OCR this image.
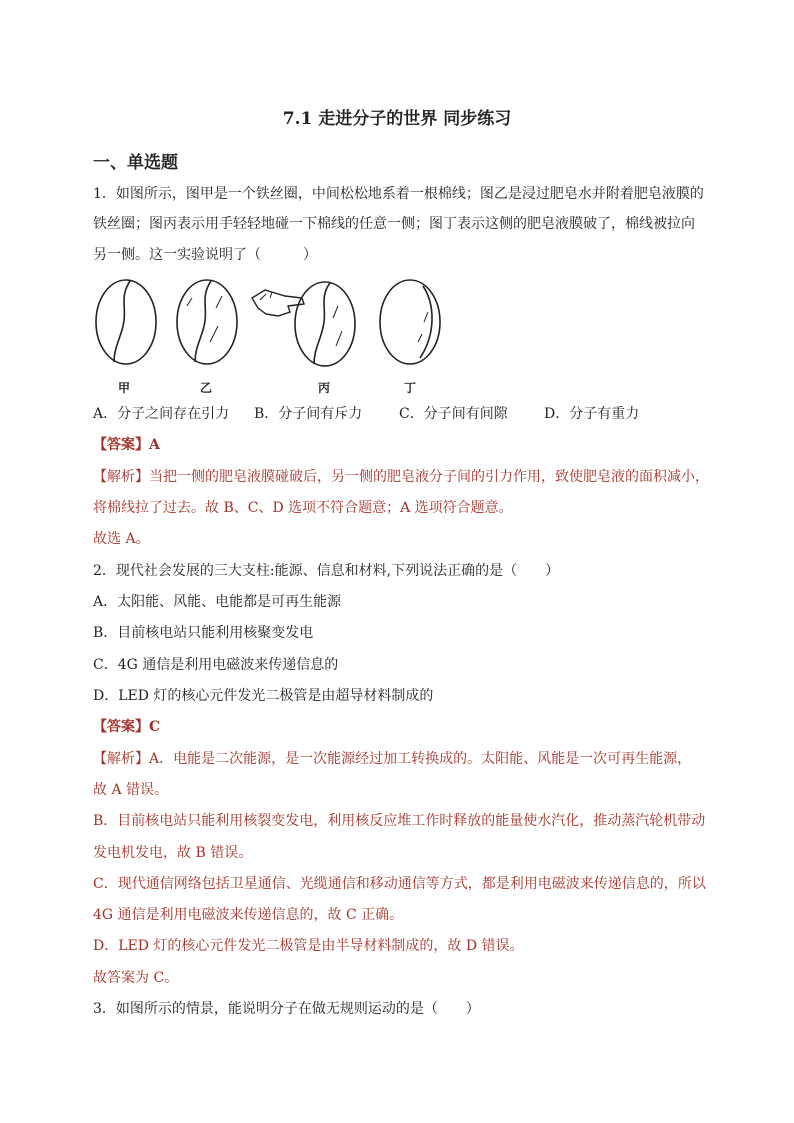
7.1 走进分子的世界 同步练习
一、单选题
1．如图所示，图甲是一个铁丝圈，中间松松地系着一根棉线；图乙是浸过肥皂水并附着肥皂液膜的
铁丝圈；图丙表示用手轻轻地碰一下棉线的任意一侧；图丁表示这侧的肥皂液膜破了，棉线被拉向
另一侧。这一实验说明了（　　　）
甲	乙	丙	丁
A．分子之间存在引力 B．分子间有斥力	C．分子间有间隙	D．分子有重力
【答案】A
【解析】当把一侧的肥皂液膜碰破后，另一侧的肥皂液分子间的引力作用，致使肥皂液的面积减小，
将棉线拉了过去。故 B、C、D 选项不符合题意；A 选项符合题意。
故选 A。
2．现代社会发展的三大支柱:能源、信息和材料,下列说法正确的是（　　）
A．太阳能、风能、电能都是可再生能源
B．目前核电站只能利用核聚变发电
C．4G 通信是利用电磁波来传递信息的
D．LED 灯的核心元件发光二极管是由超导材料制成的
【答案】C
【解析】A．电能是二次能源，是一次能源经过加工转换成的。太阳能、风能是一次可再生能源，
故 A 错误。
B．目前核电站只能利用核裂变发电，利用核反应堆工作时释放的能量使水汽化，推动蒸汽轮机带动
发电机发电，故 B 错误。
C．现代通信网络包括卫星通信、光缆通信和移动通信等方式，都是利用电磁波来传递信息的，所以
4G 通信是利用电磁波来传递信息的，故 C 正确。
D．LED 灯的核心元件发光二极管是由半导材料制成的，故 D 错误。
故答案为 C。
3．如图所示的情景，能说明分子在做无规则运动的是（　　）
